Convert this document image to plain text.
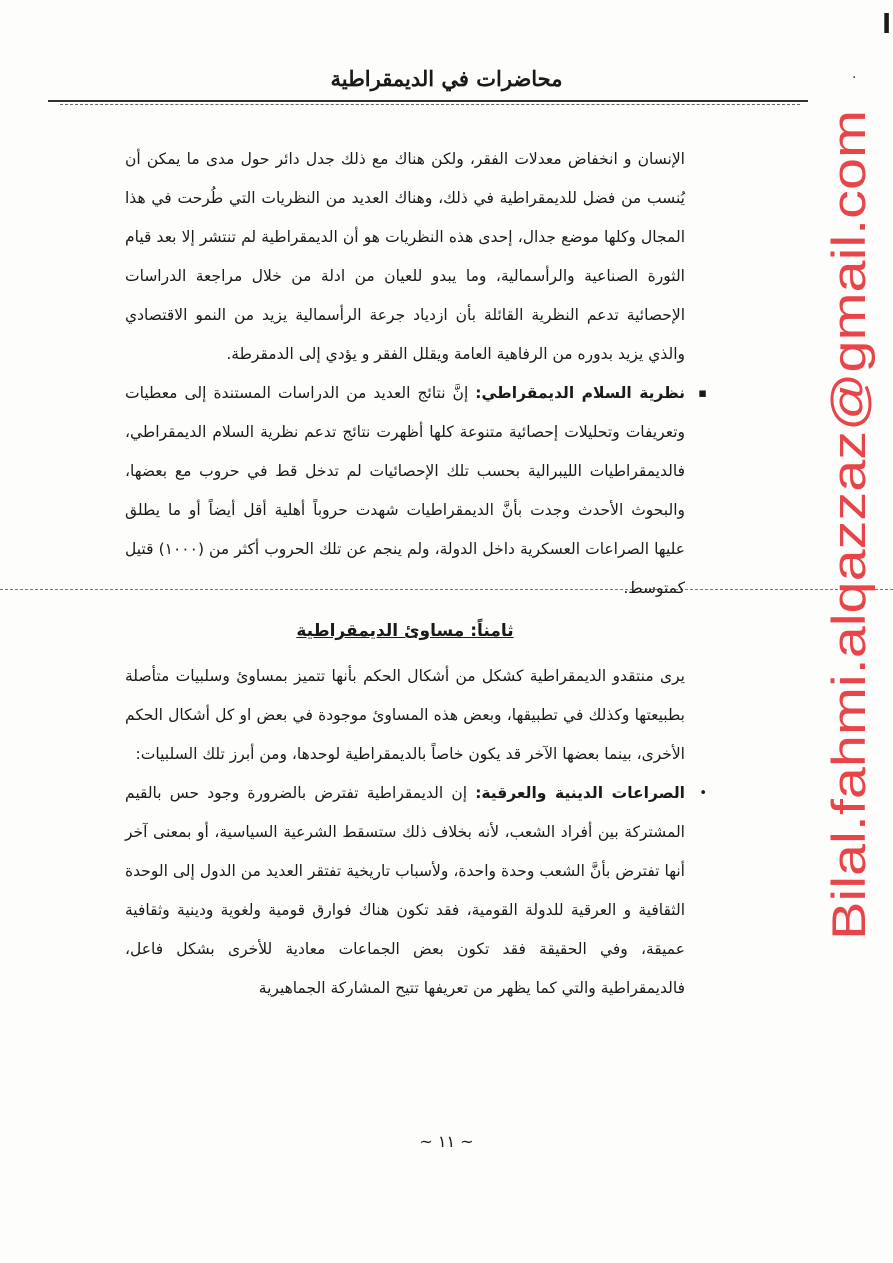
ا
·
محاضرات في الديمقراطية

الإنسان و انخفاض معدلات الفقر، ولكن هناك مع ذلك جدل دائر حول مدى ما يمكن أن يُنسب من فضل للديمقراطية في ذلك، وهناك العديد من النظريات التي طُرحت في هذا المجال وكلها موضع جدال، إحدى هذه النظريات هو أن الديمقراطية لم تنتشر إلا بعد قيام الثورة الصناعية والرأسمالية، وما يبدو للعيان من ادلة من خلال مراجعة الدراسات الإحصائية تدعم النظرية القائلة بأن ازدياد جرعة الرأسمالية يزيد من النمو الاقتصادي والذي يزيد بدوره من الرفاهية العامة ويقلل الفقر و يؤدي إلى الدمقرطة.

▪
نظرية السلام الديمقراطي: إنَّ نتائج العديد من الدراسات المستندة إلى معطيات وتعريفات وتحليلات إحصائية متنوعة كلها أظهرت نتائج تدعم نظرية السلام الديمقراطي، فالديمقراطيات الليبرالية بحسب تلك الإحصائيات لم تدخل قط في حروب مع بعضها، والبحوث الأحدث وجدت بأنَّ الديمقراطيات شهدت حروباً أهلية أقل أيضاً أو ما يطلق عليها الصراعات العسكرية داخل الدولة، ولم ينجم عن تلك الحروب أكثر من (١٠٠٠) قتيل كمتوسط.

ثامناً: مساوئ الديمقراطية

يرى منتقدو الديمقراطية كشكل من أشكال الحكم بأنها تتميز بمساوئ وسلبيات متأصلة بطبيعتها وكذلك في تطبيقها، وبعض هذه المساوئ موجودة في بعض او كل أشكال الحكم الأخرى، بينما بعضها الآخر قد يكون خاصاً بالديمقراطية لوحدها، ومن أبرز تلك السلبيات:

•
الصراعات الدينية والعرقية: إن الديمقراطية تفترض بالضرورة وجود حس بالقيم المشتركة بين أفراد الشعب، لأنه بخلاف ذلك ستسقط الشرعية السياسية، أو بمعنى آخر أنها تفترض بأنَّ الشعب وحدة واحدة، ولأسباب تاريخية تفتقر العديد من الدول إلى الوحدة الثقافية و العرقية للدولة القومية، فقد تكون هناك فوارق قومية ولغوية ودينية وثقافية عميقة، وفي الحقيقة فقد تكون بعض الجماعات معادية للأخرى بشكل فاعل، فالديمقراطية والتي كما يظهر من تعريفها تتيح المشاركة الجماهيرية

~ ١١ ~
Bilal.fahmi.alqazzaz@gmail.com
